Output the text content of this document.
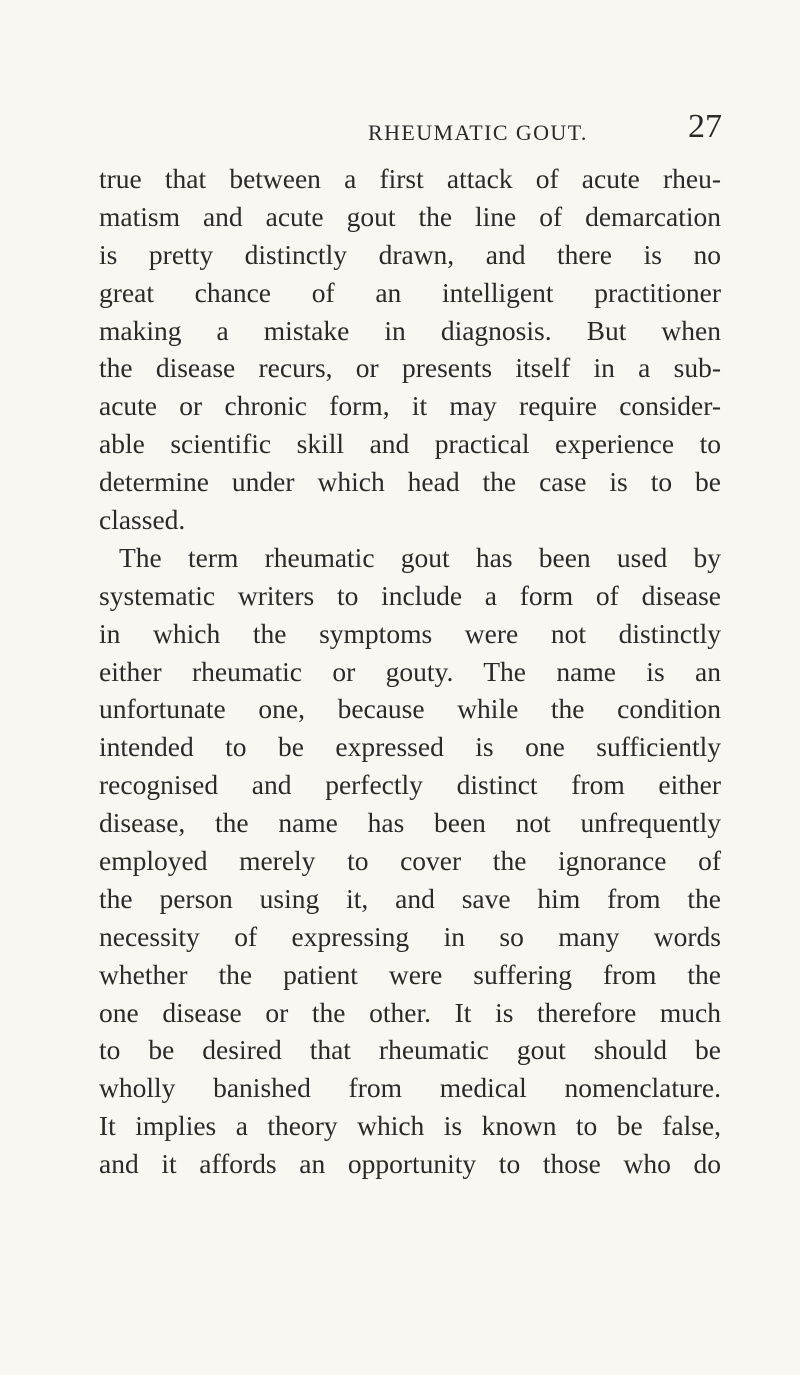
RHEUMATIC GOUT.	27
true that between a first attack of acute rheu-
matism and acute gout the line of demarcation
is pretty distinctly drawn, and there is no
great chance of an intelligent practitioner
making a mistake in diagnosis. But when
the disease recurs, or presents itself in a sub-
acute or chronic form, it may require consider-
able scientific skill and practical experience to
determine under which head the case is to be
classed.
The term rheumatic gout has been used by
systematic writers to include a form of disease
in which the symptoms were not distinctly
either rheumatic or gouty. The name is an
unfortunate one, because while the condition
intended to be expressed is one sufficiently
recognised and perfectly distinct from either
disease, the name has been not unfrequently
employed merely to cover the ignorance of
the person using it, and save him from the
necessity of expressing in so many words
whether the patient were suffering from the
one disease or the other. It is therefore much
to be desired that rheumatic gout should be
wholly banished from medical nomenclature.
It implies a theory which is known to be false,
and it affords an opportunity to those who do
